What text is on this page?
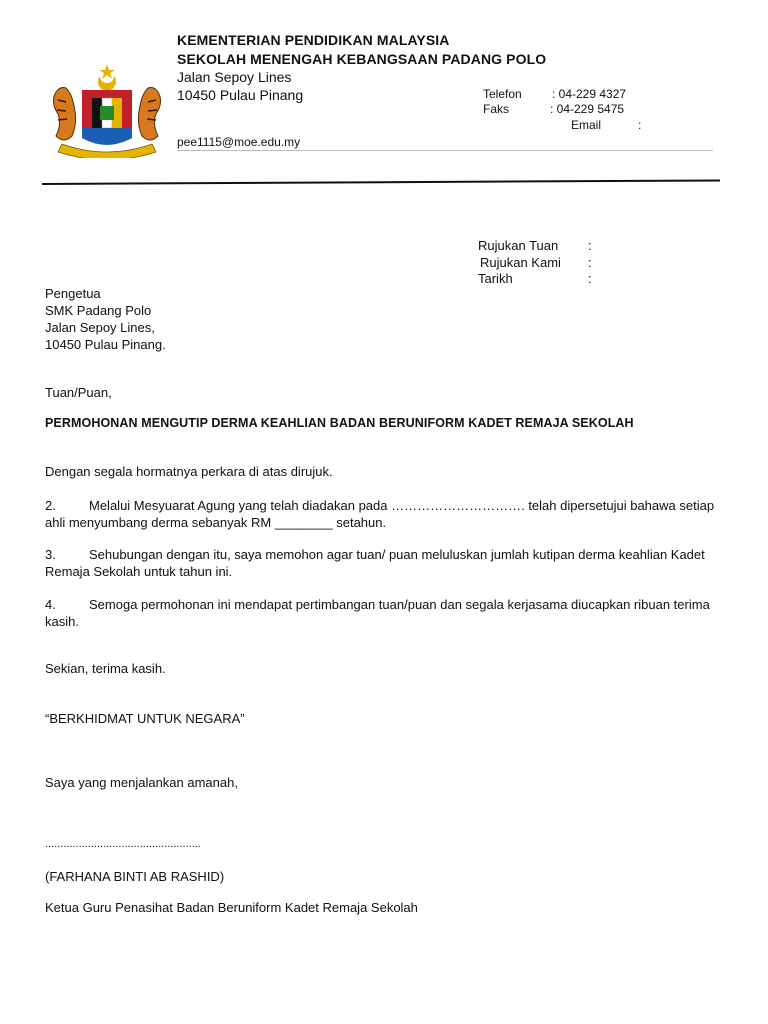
KEMENTERIAN PENDIDIKAN MALAYSIA
SEKOLAH MENENGAH KEBANGSAAN PADANG POLO
Jalan Sepoy Lines
10450 Pulau Pinang	Telefon	: 04-229 4327
Faks	: 04-229 5475
Email	:
pee1115@moe.edu.my
Rujukan Tuan :
Rujukan Kami :
Tarikh	:
Pengetua
SMK Padang Polo
Jalan Sepoy Lines,
10450 Pulau Pinang.
Tuan/Puan,
PERMOHONAN MENGUTIP DERMA KEAHLIAN BADAN BERUNIFORM KADET REMAJA SEKOLAH
Dengan segala hormatnya perkara di atas dirujuk.
2.	Melalui Mesyuarat Agung yang telah diadakan pada …………………………. telah dipersetujui bahawa setiap ahli menyumbang derma sebanyak RM ________ setahun.
3.	Sehubungan dengan itu, saya memohon agar tuan/ puan meluluskan jumlah kutipan derma keahlian Kadet Remaja Sekolah untuk tahun ini.
4.	Semoga permohonan ini mendapat pertimbangan tuan/puan dan segala kerjasama diucapkan ribuan terima kasih.
Sekian, terima kasih.
“BERKHIDMAT UNTUK NEGARA”
Saya yang menjalankan amanah,
...................................................
(FARHANA BINTI AB RASHID)
Ketua Guru Penasihat Badan Beruniform Kadet Remaja Sekolah
